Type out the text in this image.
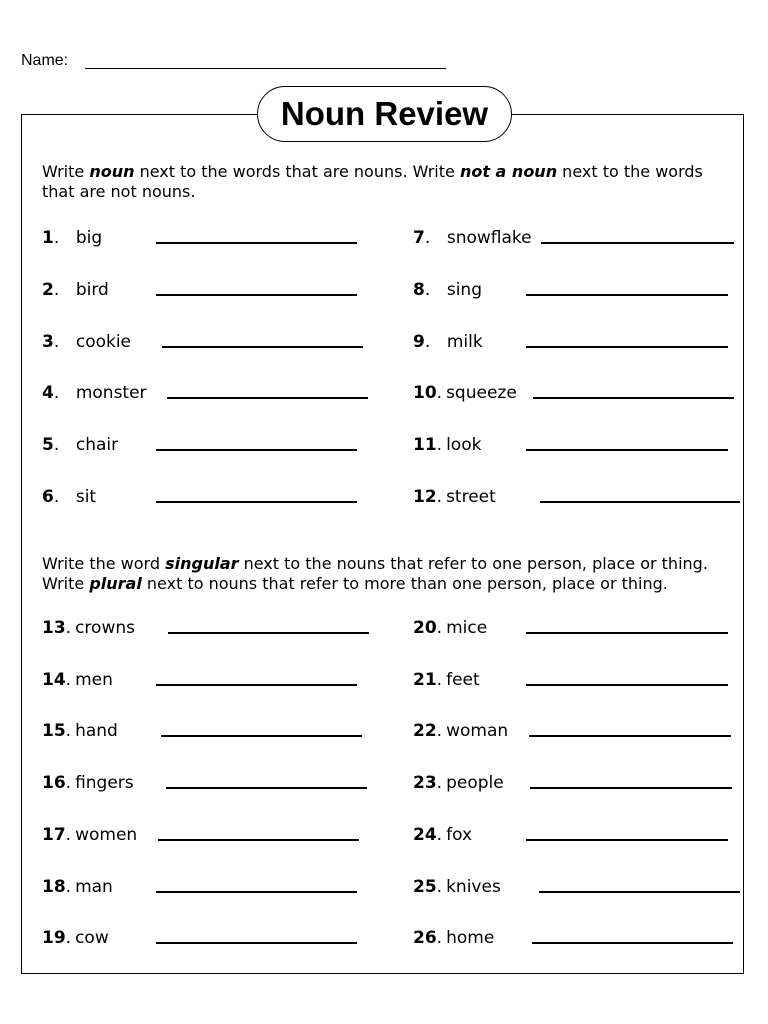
Name:
Noun Review
Write noun next to the words that are nouns. Write not a noun next to the words
that are not nouns.
Write the word singular next to the nouns that refer to one person, place or thing.
Write plural next to nouns that refer to more than one person, place or thing.
1. big
2. bird
3. cookie
4. monster
5. chair
6. sit
7. snowflake
8. sing
9. milk
10. squeeze
11. look
12. street
13. crowns
14. men
15. hand
16. fingers
17. women
18. man
19. cow
20. mice
21. feet
22. woman
23. people
24. fox
25. knives
26. home
